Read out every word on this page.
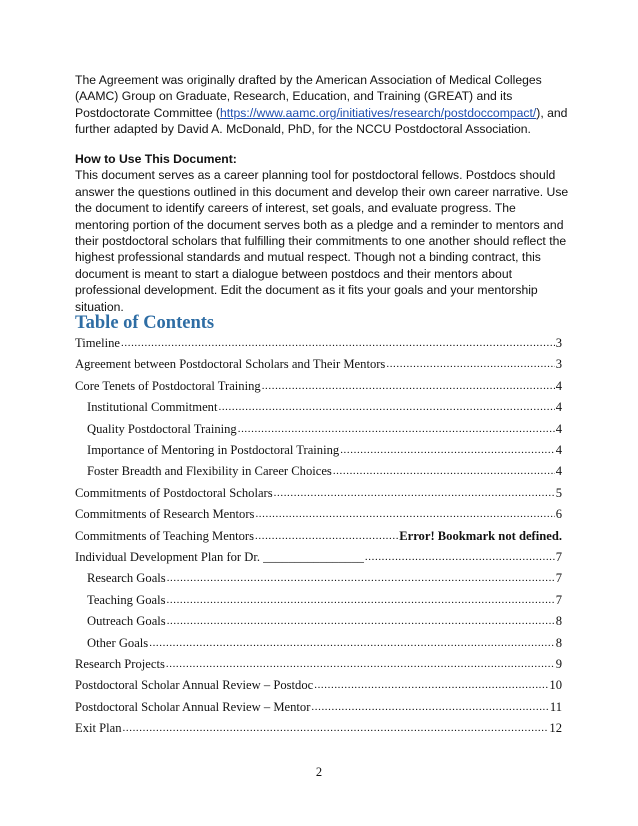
The Agreement was originally drafted by the American Association of Medical Colleges (AAMC) Group on Graduate, Research, Education, and Training (GREAT) and its Postdoctorate Committee (https://www.aamc.org/initiatives/research/postdoccompact/), and further adapted by David A. McDonald, PhD, for the NCCU Postdoctoral Association.
How to Use This Document:
This document serves as a career planning tool for postdoctoral fellows. Postdocs should answer the questions outlined in this document and develop their own career narrative. Use the document to identify careers of interest, set goals, and evaluate progress. The mentoring portion of the document serves both as a pledge and a reminder to mentors and their postdoctoral scholars that fulfilling their commitments to one another should reflect the highest professional standards and mutual respect. Though not a binding contract, this document is meant to start a dialogue between postdocs and their mentors about professional development. Edit the document as it fits your goals and your mentorship situation.
Table of Contents
Timeline .....	3
Agreement between Postdoctoral Scholars and Their Mentors .....	3
Core Tenets of Postdoctoral Training .....	4
Institutional Commitment .....	4
Quality Postdoctoral Training .....	4
Importance of Mentoring in Postdoctoral Training .....	4
Foster Breadth and Flexibility in Career Choices .....	4
Commitments of Postdoctoral Scholars .....	5
Commitments of Research Mentors .....	6
Commitments of Teaching Mentors .....	Error! Bookmark not defined.
Individual Development Plan for Dr. ________________ .....	7
Research Goals .....	7
Teaching Goals .....	7
Outreach Goals .....	8
Other Goals .....	8
Research Projects .....	9
Postdoctoral Scholar Annual Review – Postdoc .....	10
Postdoctoral Scholar Annual Review – Mentor .....	11
Exit Plan .....	12
2
